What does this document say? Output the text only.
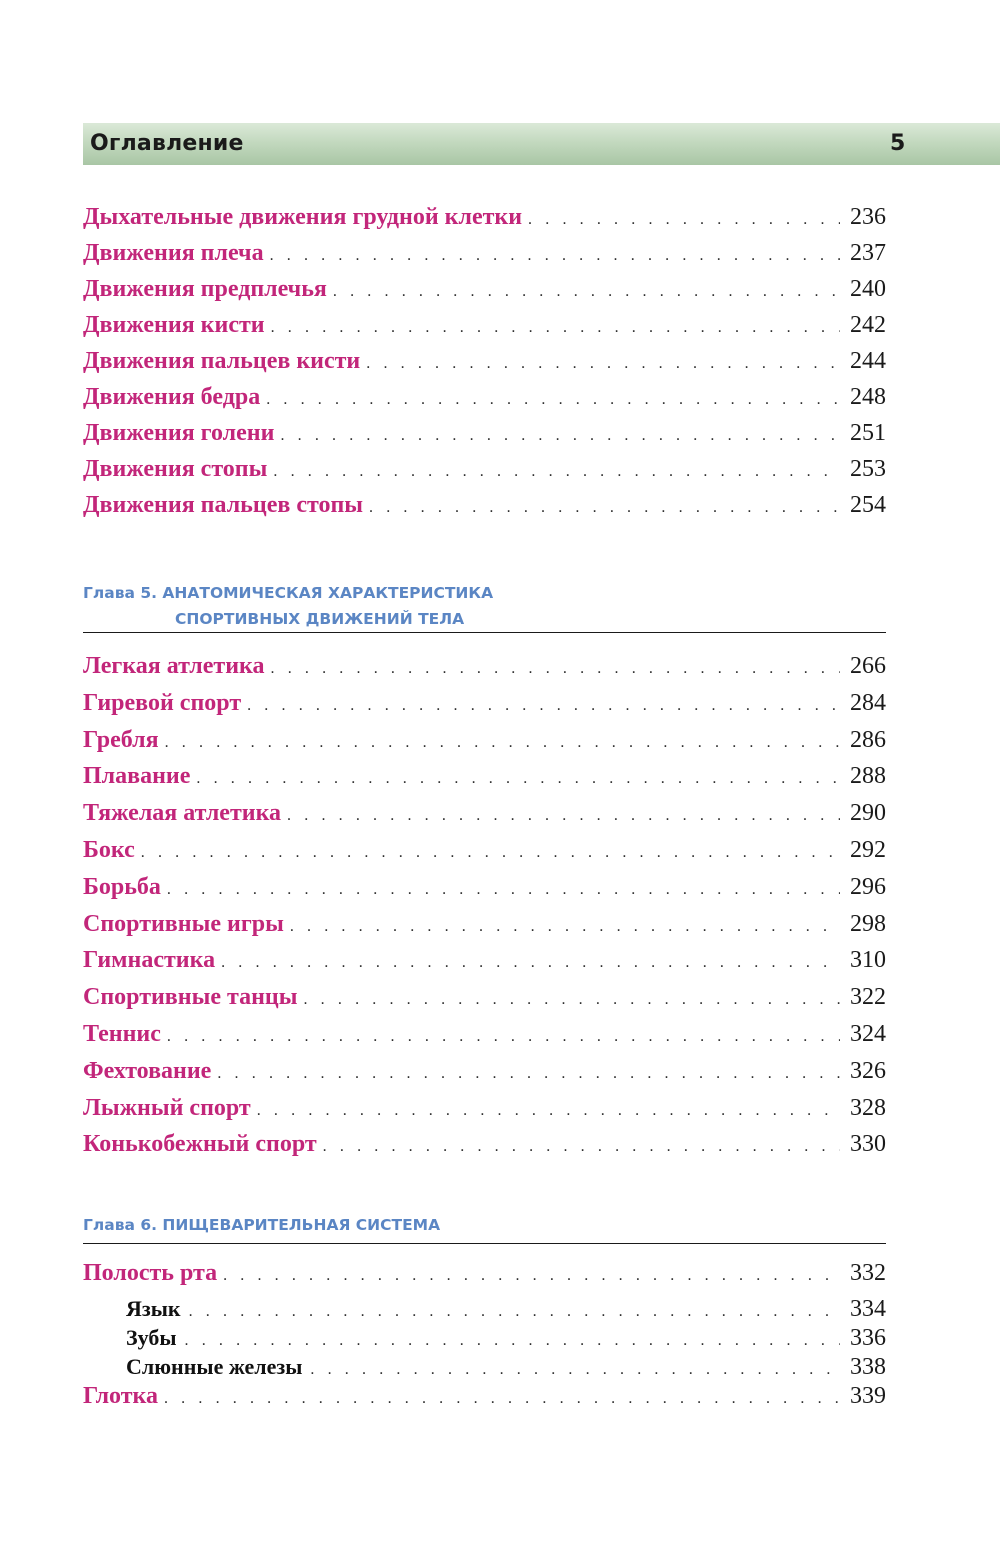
Оглавление	5
Дыхательные движения грудной клетки . . .	236
Движения плеча . . .	237
Движения предплечья . . .	240
Движения кисти . . .	242
Движения пальцев кисти . . .	244
Движения бедра . . .	248
Движения голени . . .	251
Движения стопы . . .	253
Движения пальцев стопы . . .	254
Глава 5. АНАТОМИЧЕСКАЯ ХАРАКТЕРИСТИКА
СПОРТИВНЫХ ДВИЖЕНИЙ ТЕЛА
Легкая атлетика . . .	266
Гиревой спорт . . .	284
Гребля . . .	286
Плавание . . .	288
Тяжелая атлетика . . .	290
Бокс . . .	292
Борьба . . .	296
Спортивные игры . . .	298
Гимнастика . . .	310
Спортивные танцы . . .	322
Теннис . . .	324
Фехтование . . .	326
Лыжный спорт . . .	328
Конькобежный спорт . . .	330
Глава 6. ПИЩЕВАРИТЕЛЬНАЯ СИСТЕМА
Полость рта . . .	332
Язык . . .	334
Зубы . . .	336
Слюнные железы . . .	338
Глотка . . .	339
